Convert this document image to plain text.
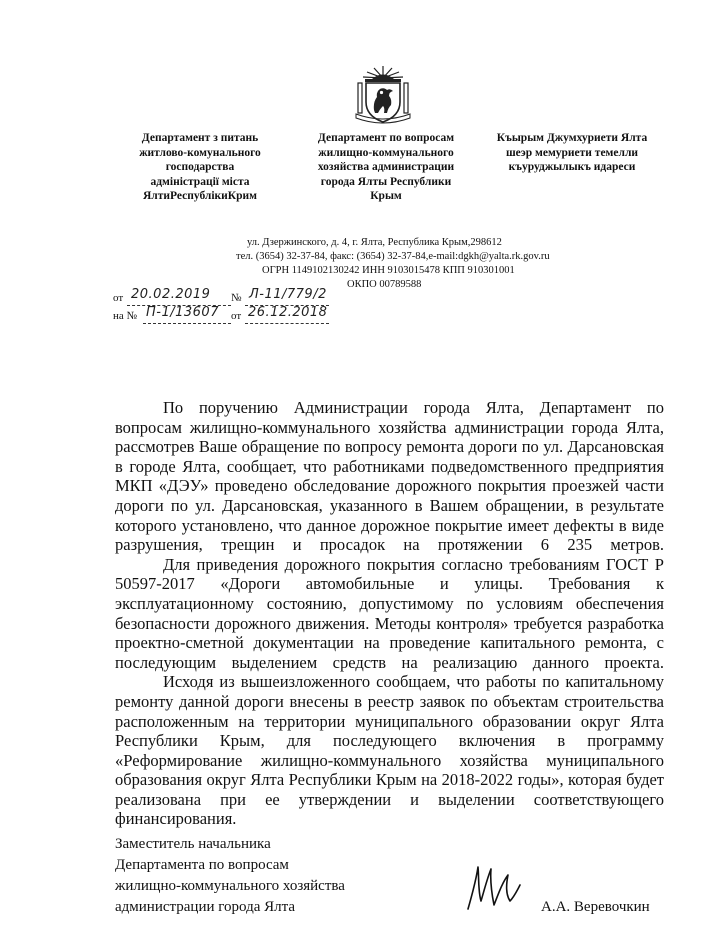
Департамент з питань
житлово-комунального
господарства
адміністрації міста
ЯлтиРеспублікиКрим
Департамент по вопросам
жилищно-коммунального
хозяйства администрации
города Ялты Республики
Крым
Къырым Джумхуриети Ялта
шеэр мемуриети темелли
къуруджылыкъ идареси
ул. Дзержинского, д. 4, г. Ялта, Республика Крым,298612
тел. (3654) 32-37-84, факс: (3654) 32-37-84,e-mail:dgkh@yalta.rk.gov.ru
ОГРН 1149102130242 ИНН 9103015478 КПП 910301001
ОКПО 00789588
от 20.02.2019 № Л-11/779/2
на № П-1/13607 от 26.12.2018

По поручению Администрации города Ялта, Департамент по вопросам жилищно-коммунального хозяйства администрации города Ялта, рассмотрев Ваше обращение по вопросу ремонта дороги по ул. Дарсановская в городе Ялта, сообщает, что работниками подведомственного предприятия МКП «ДЭУ» проведено обследование дорожного покрытия проезжей части дороги по ул. Дарсановская, указанного в Вашем обращении, в результате которого установлено, что данное дорожное покрытие имеет дефекты в виде разрушения, трещин и просадок на протяжении 6 235 метров.

Для приведения дорожного покрытия согласно требованиям ГОСТ Р 50597-2017 «Дороги автомобильные и улицы. Требования к эксплуатационному состоянию, допустимому по условиям обеспечения безопасности дорожного движения. Методы контроля» требуется разработка проектно-сметной документации на проведение капитального ремонта, с последующим выделением средств на реализацию данного проекта.

Исходя из вышеизложенного сообщаем, что работы по капитальному ремонту данной дороги внесены в реестр заявок по объектам строительства расположенным на территории муниципального образовании округ Ялта Республики Крым, для последующего включения в программу «Реформирование жилищно-коммунального хозяйства муниципального образования округ Ялта Республики Крым на 2018-2022 годы», которая будет реализована при ее утверждении и выделении соответствующего финансирования.

Заместитель начальника
Департамента по вопросам
жилищно-коммунального хозяйства
администрации города Ялта	А.А. Веревочкин
